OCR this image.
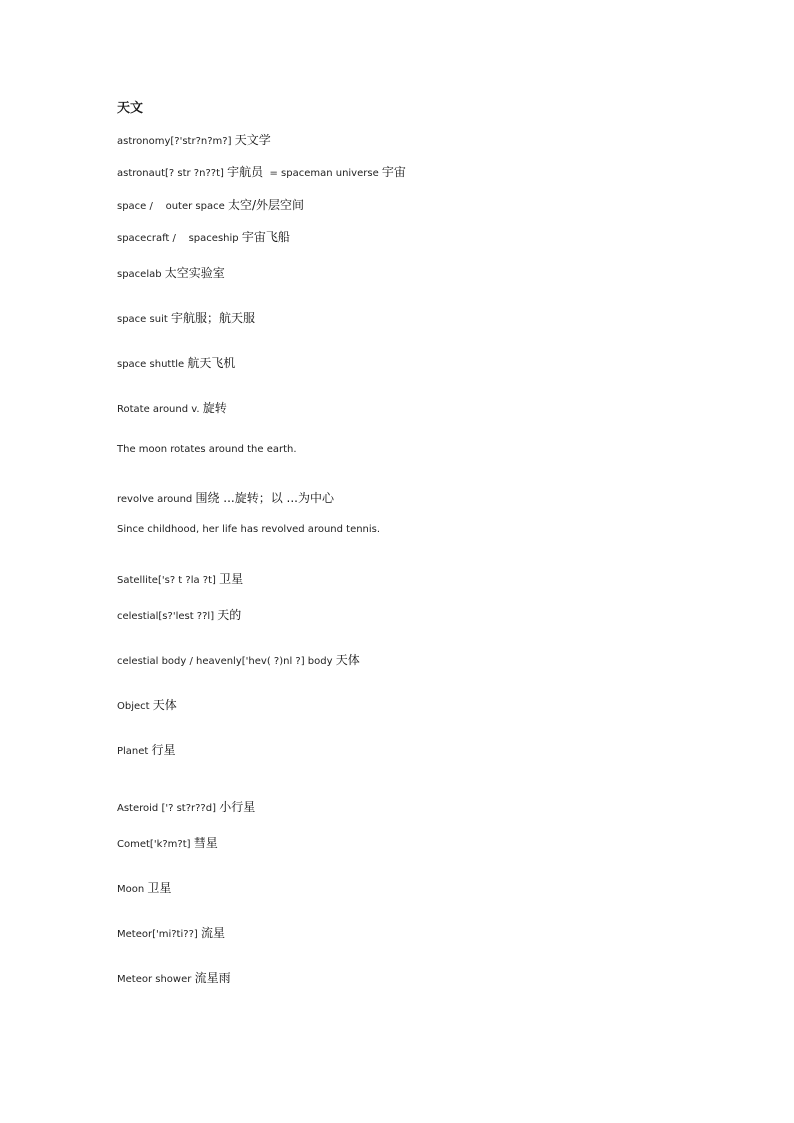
天文
astronomy[?'str?n?m?] 天文学
astronaut[? str ?n??t] 宇航员 = spaceman universe 宇宙
space /    outer space 太空/外层空间
spacecraft /    spaceship 宇宙飞船
spacelab 太空实验室
space suit 宇航服；航天服
space shuttle 航天飞机
Rotate around v. 旋转
The moon rotates around the earth.
revolve around 围绕 ...旋转；以 ...为中心
Since childhood, her life has revolved around tennis.
Satellite['s? t ?la ?t] 卫星
celestial[s?'lest ??l] 天的
celestial body / heavenly['hev( ?)nl ?] body 天体
Object 天体
Planet 行星
Asteroid ['? st?r??d] 小行星
Comet['k?m?t] 彗星
Moon 卫星
Meteor['mi?ti??] 流星
Meteor shower 流星雨
